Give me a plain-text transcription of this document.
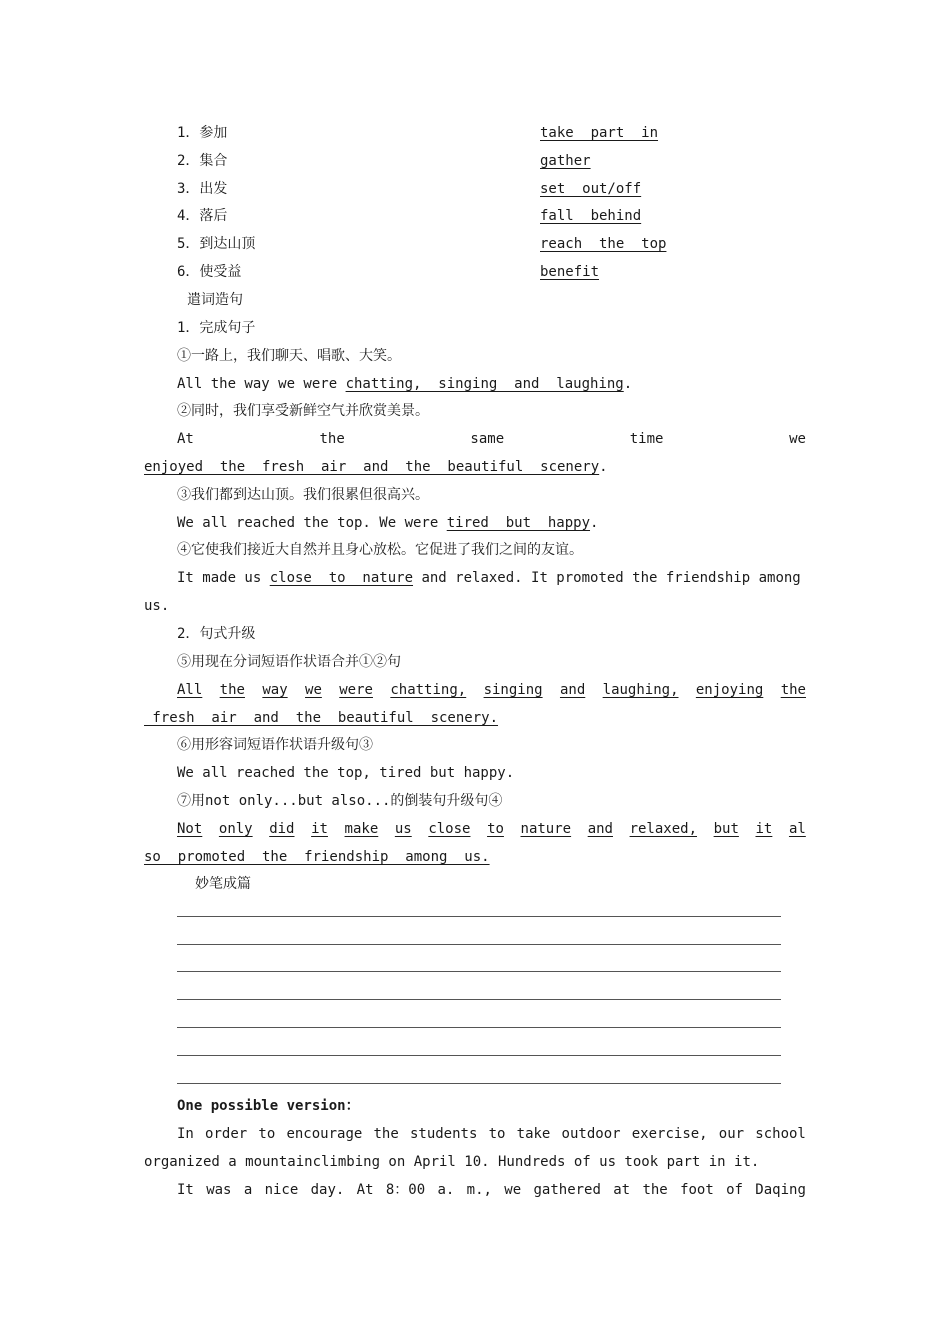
1．参加	take  part  in
2．集合	gather
3．出发	set  out/off
4．落后	fall  behind
5．到达山顶	reach  the  top
6．使受益	benefit
遣词造句
1．完成句子
①一路上，我们聊天、唱歌、大笑。
All the way we were chatting,  singing  and  laughing.
②同时，我们享受新鲜空气并欣赏美景。
At	the	same	time	we
enjoyed  the  fresh  air  and  the  beautiful  scenery.
③我们都到达山顶。我们很累但很高兴。
We all reached the top. We were tired  but  happy.
④它使我们接近大自然并且身心放松。它促进了我们之间的友谊。
It made us close  to  nature and relaxed. It promoted the friendship among
us.
2．句式升级
⑤用现在分词短语作状语合并①②句
All the way we were chatting, singing and laughing, enjoying the
fresh  air  and  the  beautiful  scenery.
⑥用形容词短语作状语升级句③
We all reached the top, tired but happy.
⑦用not only...but also...的倒装句升级句④
Not only did it make us close to nature and relaxed, but it al
so  promoted  the  friendship  among  us.
妙笔成篇
One possible version：
In order to encourage the students to take outdoor exercise, our school
organized a mountainclimbing on April 10. Hundreds of us took part in it.
It was a nice day. At 8：00 a. m., we gathered at the foot of Daqing
